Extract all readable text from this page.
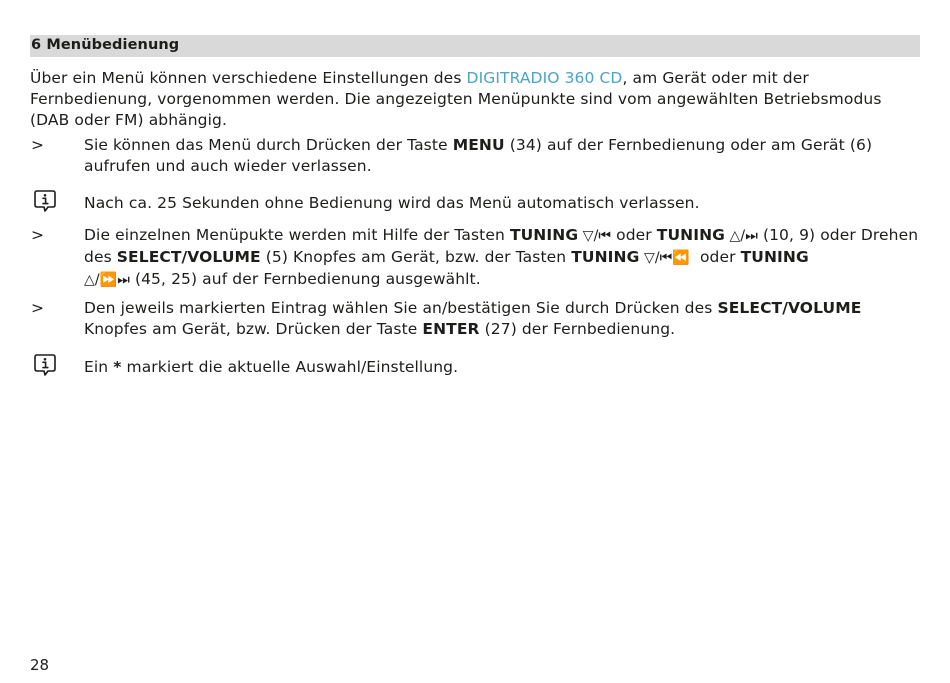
6 Menübedienung

Über ein Menü können verschiedene Einstellungen des DIGITRADIO 360 CD, am Gerät oder mit der Fernbedienung, vorgenommen werden. Die angezeigten Menüpunkte sind vom angewählten Betriebsmodus (DAB oder FM) abhängig.

>	Sie können das Menü durch Drücken der Taste MENU (34) auf der Fernbedienung oder am Gerät (6) aufrufen und auch wieder verlassen.
Nach ca. 25 Sekunden ohne Bedienung wird das Menü automatisch verlassen.
>	Die einzelnen Menüpukte werden mit Hilfe der Tasten TUNING ▽/⏮ oder TUNING △/⏭ (10, 9) oder Drehen des SELECT/VOLUME (5) Knopfes am Gerät, bzw. der Tasten TUNING ▽/⏮⏪  oder TUNING
△/⏩⏭ (45, 25) auf der Fernbedienung ausgewählt.
>	Den jeweils markierten Eintrag wählen Sie an/bestätigen Sie durch Drücken des SELECT/VOLUME Knopfes am Gerät, bzw. Drücken der Taste ENTER (27) der Fernbedienung.
Ein * markiert die aktuelle Auswahl/Einstellung.
28
